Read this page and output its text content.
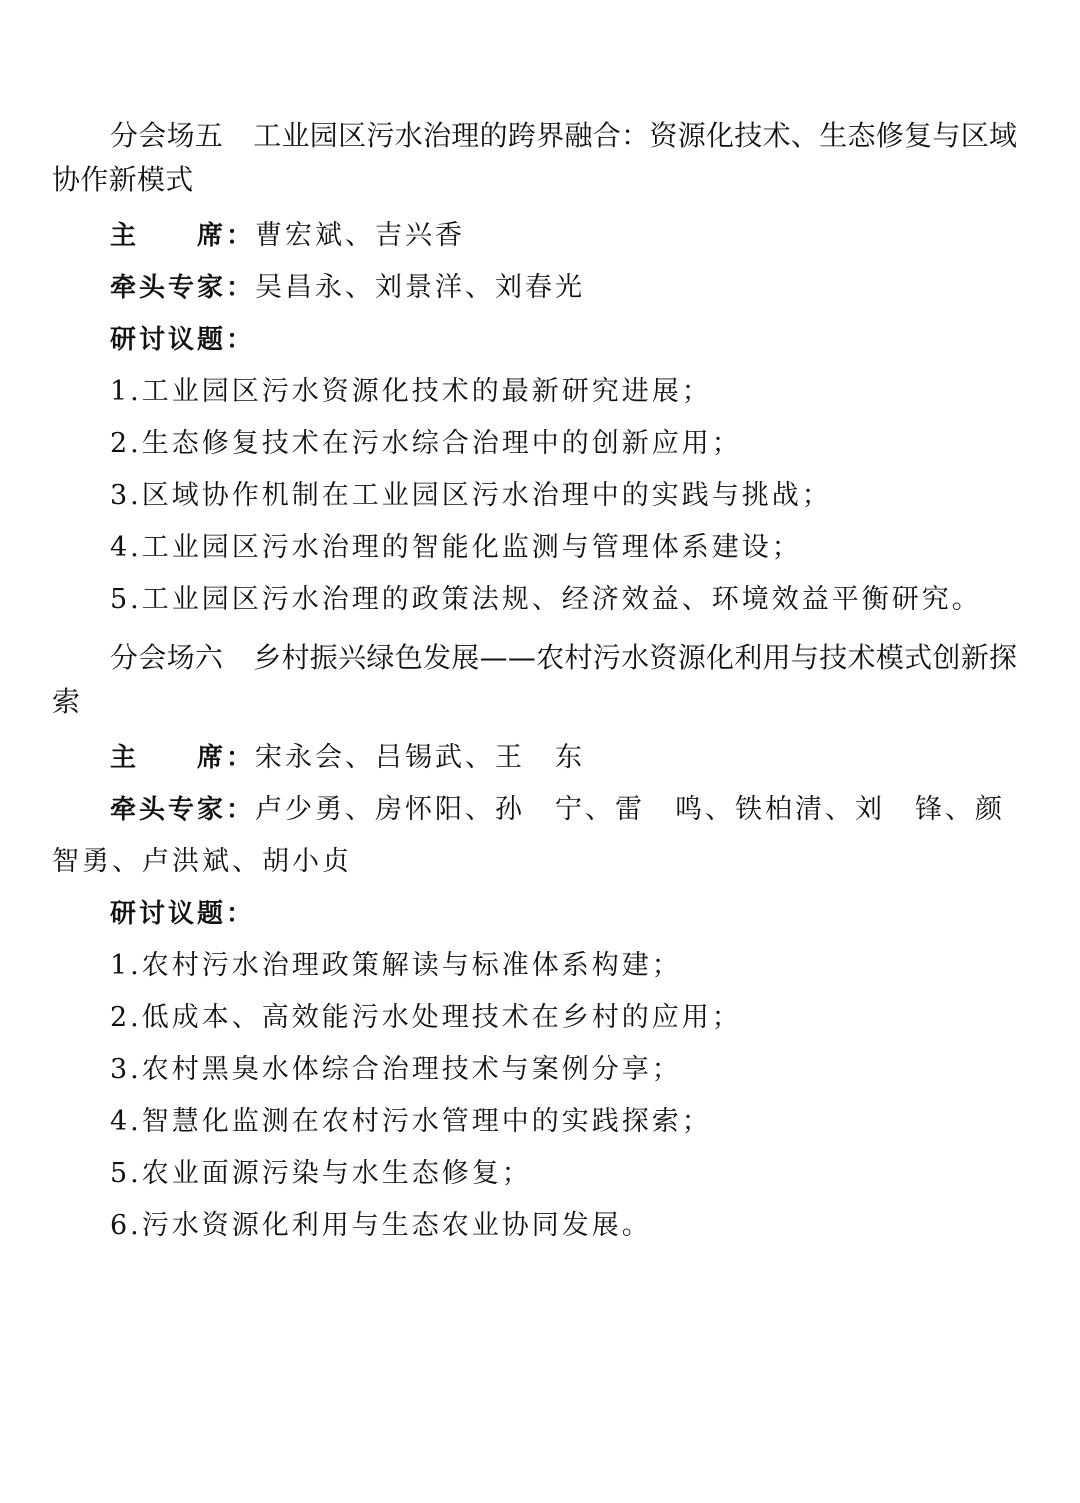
分会场五 工业园区污水治理的跨界融合：资源化技术、生态修复与区域协作新模式

主　　席：曹宏斌、吉兴香

牵头专家：吴昌永、刘景洋、刘春光

研讨议题：

1.工业园区污水资源化技术的最新研究进展；

2.生态修复技术在污水综合治理中的创新应用；

3.区域协作机制在工业园区污水治理中的实践与挑战；

4.工业园区污水治理的智能化监测与管理体系建设；

5.工业园区污水治理的政策法规、经济效益、环境效益平衡研究。

分会场六 乡村振兴绿色发展——农村污水资源化利用与技术模式创新探索

主　　席：宋永会、吕锡武、王　东

牵头专家：卢少勇、房怀阳、孙　宁、雷　鸣、铁柏清、刘　锋、颜智勇、卢洪斌、胡小贞

研讨议题：

1.农村污水治理政策解读与标准体系构建；

2.低成本、高效能污水处理技术在乡村的应用；

3.农村黑臭水体综合治理技术与案例分享；

4.智慧化监测在农村污水管理中的实践探索；

5.农业面源污染与水生态修复；

6.污水资源化利用与生态农业协同发展。
